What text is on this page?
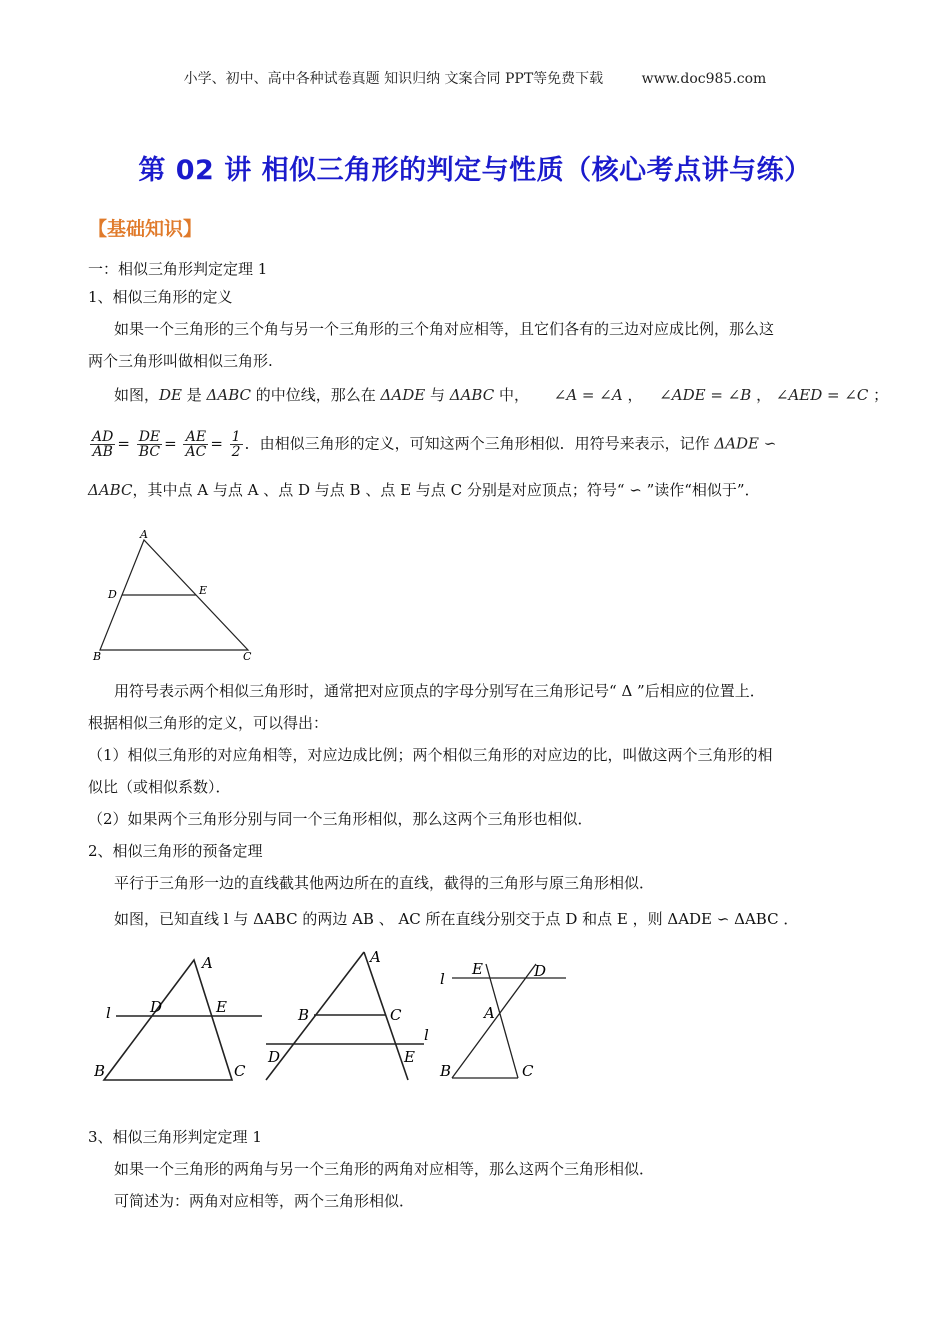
小学、初中、高中各种试卷真题 知识归纳 文案合同 PPT等免费下载	www.doc985.com
第 02 讲 相似三角形的判定与性质（核心考点讲与练）
【基础知识】
一：相似三角形判定定理 1
1、相似三角形的定义
如果一个三角形的三个角与另一个三角形的三个角对应相等，且它们各有的三边对应成比例，那么这
两个三角形叫做相似三角形.
如图，DE 是 ΔABC 的中位线，那么在 ΔADE 与 ΔABC 中， ∠A = ∠A ， ∠ADE = ∠B ， ∠AED = ∠C ；
$\frac{AD}{AB} = \frac{DE}{BC} = \frac{AE}{AC} = \frac{1}{2}$ ．由相似三角形的定义，可知这两个三角形相似．用符号来表示，记作 ΔADE ∽
ΔABC，其中点 A 与点 A 、点 D 与点 B 、点 E 与点 C 分别是对应顶点；符号“ ∽ ”读作“相似于”．
A
D	E
B	C
用符号表示两个相似三角形时，通常把对应顶点的字母分别写在三角形记号“ Δ ”后相应的位置上．
根据相似三角形的定义，可以得出：
（1）相似三角形的对应角相等，对应边成比例；两个相似三角形的对应边的比，叫做这两个三角形的相
似比（或相似系数）．
（2）如果两个三角形分别与同一个三角形相似，那么这两个三角形也相似．
2、相似三角形的预备定理
平行于三角形一边的直线截其他两边所在的直线，截得的三角形与原三角形相似．
如图，已知直线 l 与 ΔABC 的两边 AB 、 AC 所在直线分别交于点 D 和点 E ，则 ΔADE ∽ ΔABC ．
A
l	D	E
B	C
A
B	C
D	E
l
l
E	D
A
B	C
3、相似三角形判定定理 1
如果一个三角形的两角与另一个三角形的两角对应相等，那么这两个三角形相似．
可简述为：两角对应相等，两个三角形相似．
